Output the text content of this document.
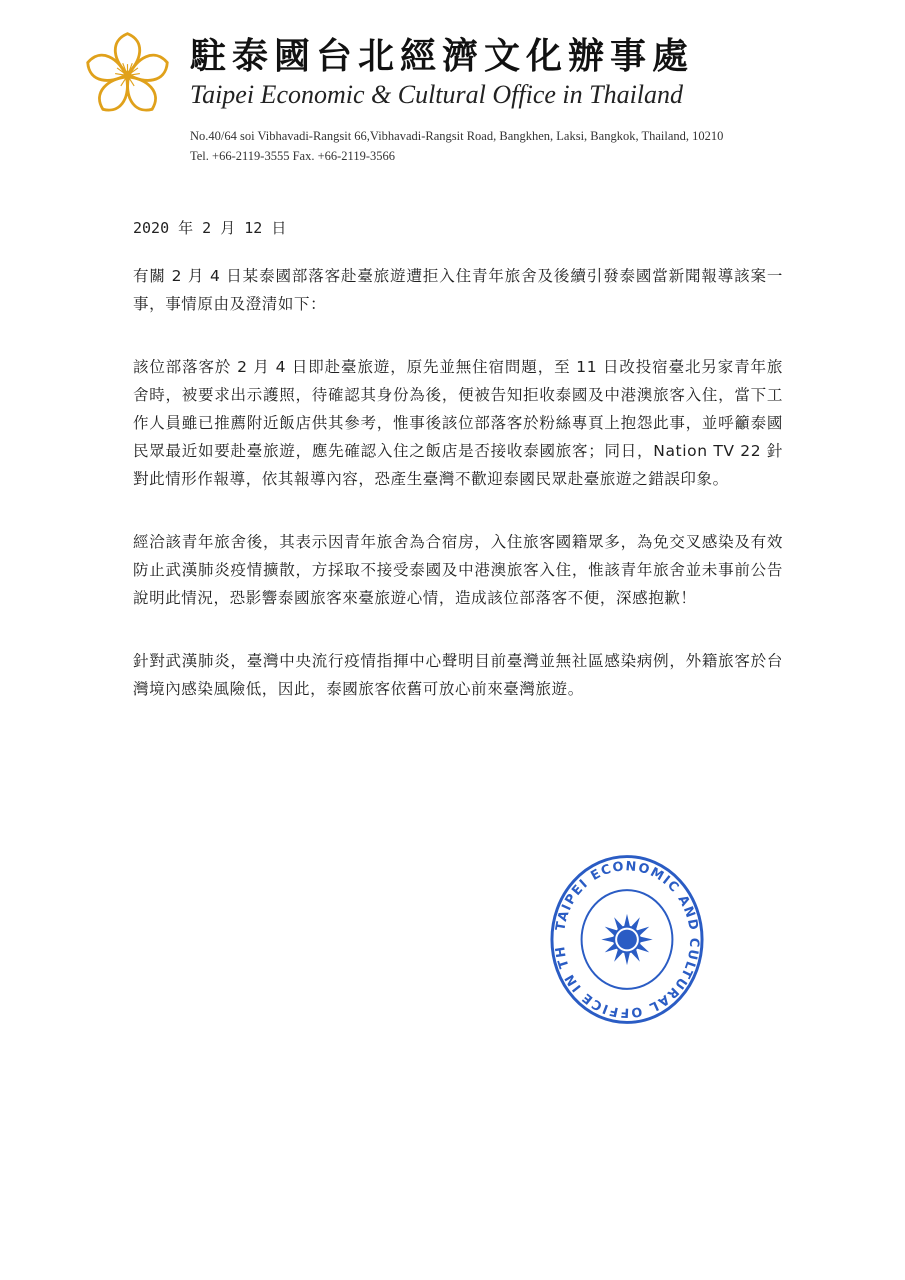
駐泰國台北經濟文化辦事處
Taipei Economic & Cultural Office in Thailand
No.40/64 soi Vibhavadi-Rangsit 66,Vibhavadi-Rangsit Road, Bangkhen, Laksi, Bangkok, Thailand, 10210
Tel. +66-2119-3555 Fax. +66-2119-3566
2020 年 2 月 12 日

有關 2 月 4 日某泰國部落客赴臺旅遊遭拒入住青年旅舍及後續引發泰國當新聞報導該案一事，事情原由及澄清如下：

該位部落客於 2 月 4 日即赴臺旅遊，原先並無住宿問題，至 11 日改投宿臺北另家青年旅舍時，被要求出示護照，待確認其身份為後，便被告知拒收泰國及中港澳旅客入住，當下工作人員雖已推薦附近飯店供其參考，惟事後該位部落客於粉絲專頁上抱怨此事，並呼籲泰國民眾最近如要赴臺旅遊，應先確認入住之飯店是否接收泰國旅客；同日，Nation TV 22 針對此情形作報導，依其報導內容，恐產生臺灣不歡迎泰國民眾赴臺旅遊之錯誤印象。

經洽該青年旅舍後，其表示因青年旅舍為合宿房，入住旅客國籍眾多，為免交叉感染及有效防止武漢肺炎疫情擴散，方採取不接受泰國及中港澳旅客入住，惟該青年旅舍並未事前公告說明此情況，恐影響泰國旅客來臺旅遊心情，造成該位部落客不便，深感抱歉！

針對武漢肺炎，臺灣中央流行疫情指揮中心聲明目前臺灣並無社區感染病例，外籍旅客於台灣境內感染風險低，因此，泰國旅客依舊可放心前來臺灣旅遊。

TAIPEI ECONOMIC AND CULTURAL OFFICE IN TH
